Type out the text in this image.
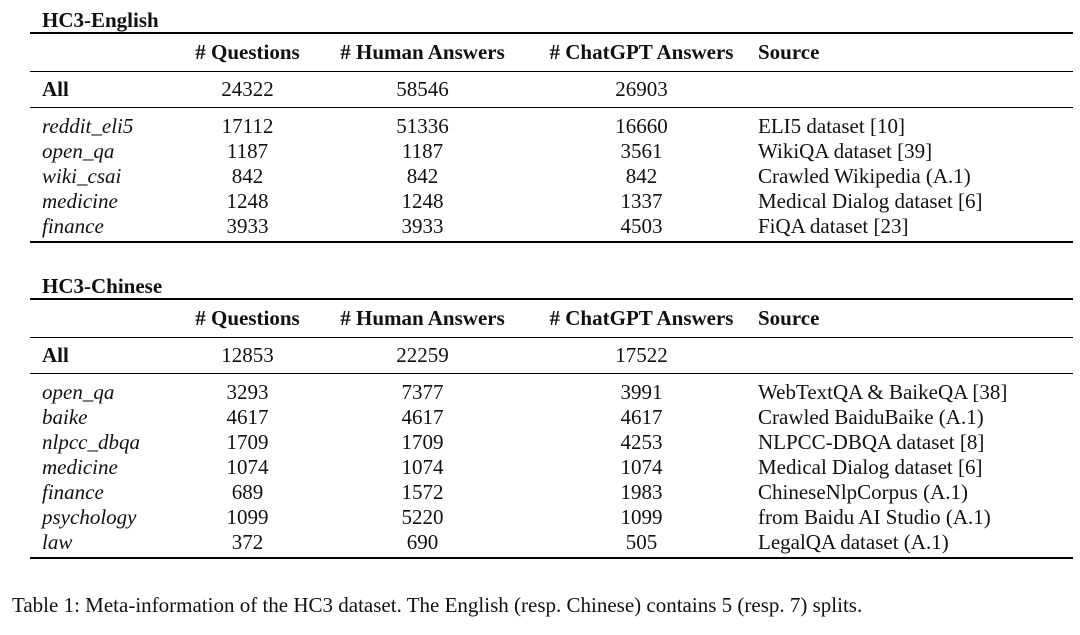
HC3-English
	# Questions	# Human Answers	# ChatGPT Answers	Source
All	24322	58546	26903	
reddit_eli5	17112	51336	16660	ELI5 dataset [10]
open_qa	1187	1187	3561	WikiQA dataset [39]
wiki_csai	842	842	842	Crawled Wikipedia (A.1)
medicine	1248	1248	1337	Medical Dialog dataset [6]
finance	3933	3933	4503	FiQA dataset [23]
HC3-Chinese
	# Questions	# Human Answers	# ChatGPT Answers	Source
All	12853	22259	17522	
open_qa	3293	7377	3991	WebTextQA & BaikeQA [38]
baike	4617	4617	4617	Crawled BaiduBaike (A.1)
nlpcc_dbqa	1709	1709	4253	NLPCC-DBQA dataset [8]
medicine	1074	1074	1074	Medical Dialog dataset [6]
finance	689	1572	1983	ChineseNlpCorpus (A.1)
psychology	1099	5220	1099	from Baidu AI Studio (A.1)
law	372	690	505	LegalQA dataset (A.1)
Table 1: Meta-information of the HC3 dataset. The English (resp. Chinese) contains 5 (resp. 7) splits.
